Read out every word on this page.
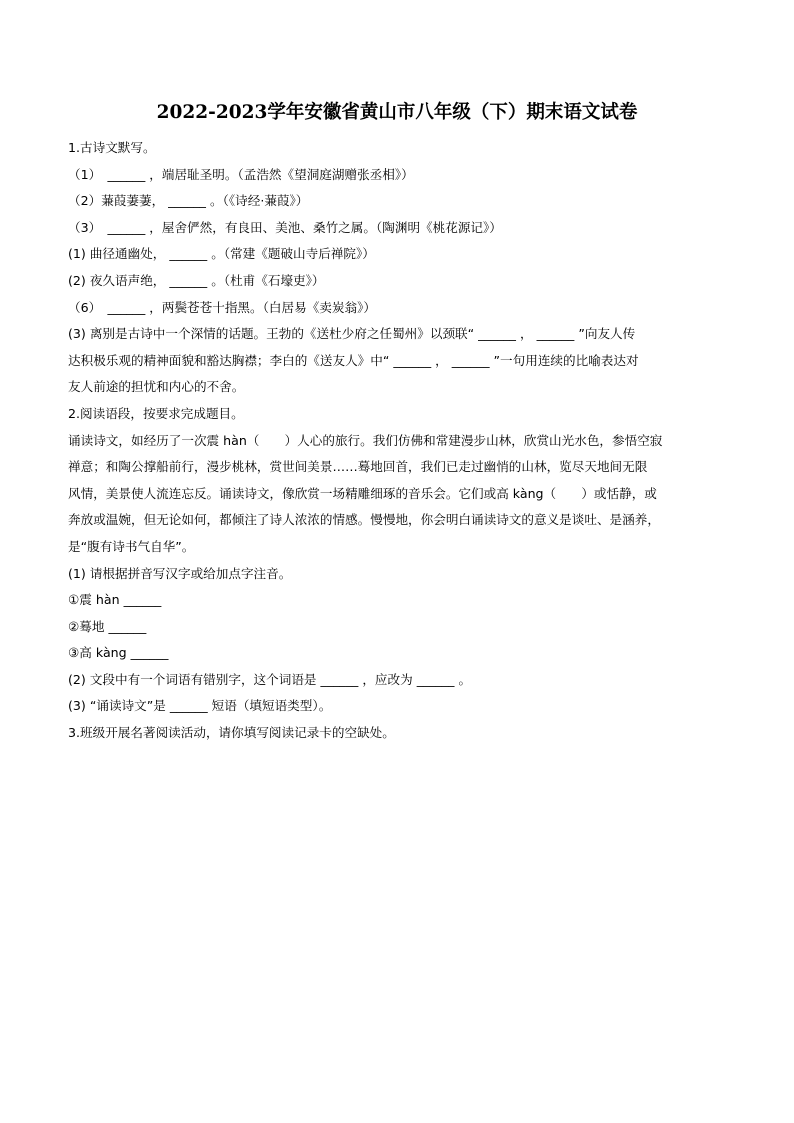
2022-2023学年安徽省黄山市八年级（下）期末语文试卷

1.古诗文默写。

（1）　______ ，端居耻圣明。（孟浩然《望洞庭湖赠张丞相》）

（2）蒹葭萋萋， ______ 。（《诗经·蒹葭》）

（3）　______ ，屋舍俨然，有良田、美池、桑竹之属。（陶渊明《桃花源记》）

(1) 曲径通幽处， ______ 。（常建《题破山寺后禅院》）

(2) 夜久语声绝， ______ 。（杜甫《石壕吏》）

（6）　______ ，两鬓苍苍十指黑。（白居易《卖炭翁》）

(3) 离别是古诗中一个深情的话题。王勃的《送杜少府之任蜀州》以颈联“ ______ ， ______ ”向友人传

达积极乐观的精神面貌和豁达胸襟；李白的《送友人》中“ ______ ， ______ ”一句用连续的比喻表达对

友人前途的担忧和内心的不舍。

2.阅读语段，按要求完成题目。

诵读诗文，如经历了一次震 hàn（　　）人心的旅行。我们仿佛和常建漫步山林，欣赏山光水色，参悟空寂

禅意；和陶公撑船前行，漫步桃林，赏世间美景……蓦地回首，我们已走过幽悄的山林，览尽天地间无限

风情，美景使人流连忘反。诵读诗文，像欣赏一场精雕细琢的音乐会。它们或高 kàng（　　）或恬静，或

奔放或温婉，但无论如何，都倾注了诗人浓浓的情感。慢慢地，你会明白诵读诗文的意义是谈吐、是涵养，

是“腹有诗书气自华”。

(1) 请根据拼音写汉字或给加点字注音。

①震 hàn ______

②蓦地 ______

③高 kàng ______

(2) 文段中有一个词语有错别字，这个词语是 ______ ，应改为 ______ 。

(3) “诵读诗文”是 ______ 短语（填短语类型）。

3.班级开展名著阅读活动，请你填写阅读记录卡的空缺处。
